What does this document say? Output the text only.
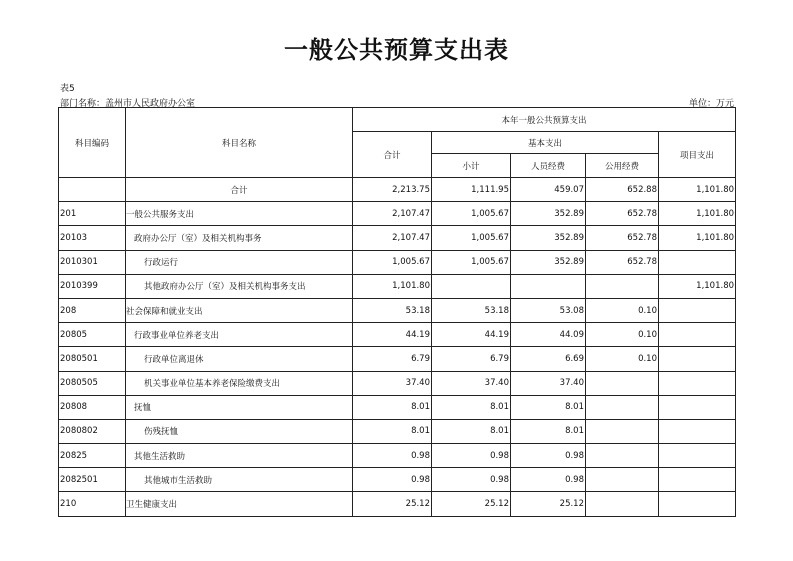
一般公共预算支出表
表5
部门名称：盖州市人民政府办公室	单位：万元
科目编码	科目名称	本年一般公共预算支出				
		合计	基本支出			项目支出
			小计	人员经费	公用经费	
	合计	2,213.75	1,111.95	459.07	652.88	1,101.80
201	一般公共服务支出	2,107.47	1,005.67	352.89	652.78	1,101.80
20103	政府办公厅（室）及相关机构事务	2,107.47	1,005.67	352.89	652.78	1,101.80
2010301	行政运行	1,005.67	1,005.67	352.89	652.78	
2010399	其他政府办公厅（室）及相关机构事务支出	1,101.80				1,101.80
208	社会保障和就业支出	53.18	53.18	53.08	0.10	
20805	行政事业单位养老支出	44.19	44.19	44.09	0.10	
2080501	行政单位离退休	6.79	6.79	6.69	0.10	
2080505	机关事业单位基本养老保险缴费支出	37.40	37.40	37.40		
20808	抚恤	8.01	8.01	8.01		
2080802	伤残抚恤	8.01	8.01	8.01		
20825	其他生活救助	0.98	0.98	0.98		
2082501	其他城市生活救助	0.98	0.98	0.98		
210	卫生健康支出	25.12	25.12	25.12		
